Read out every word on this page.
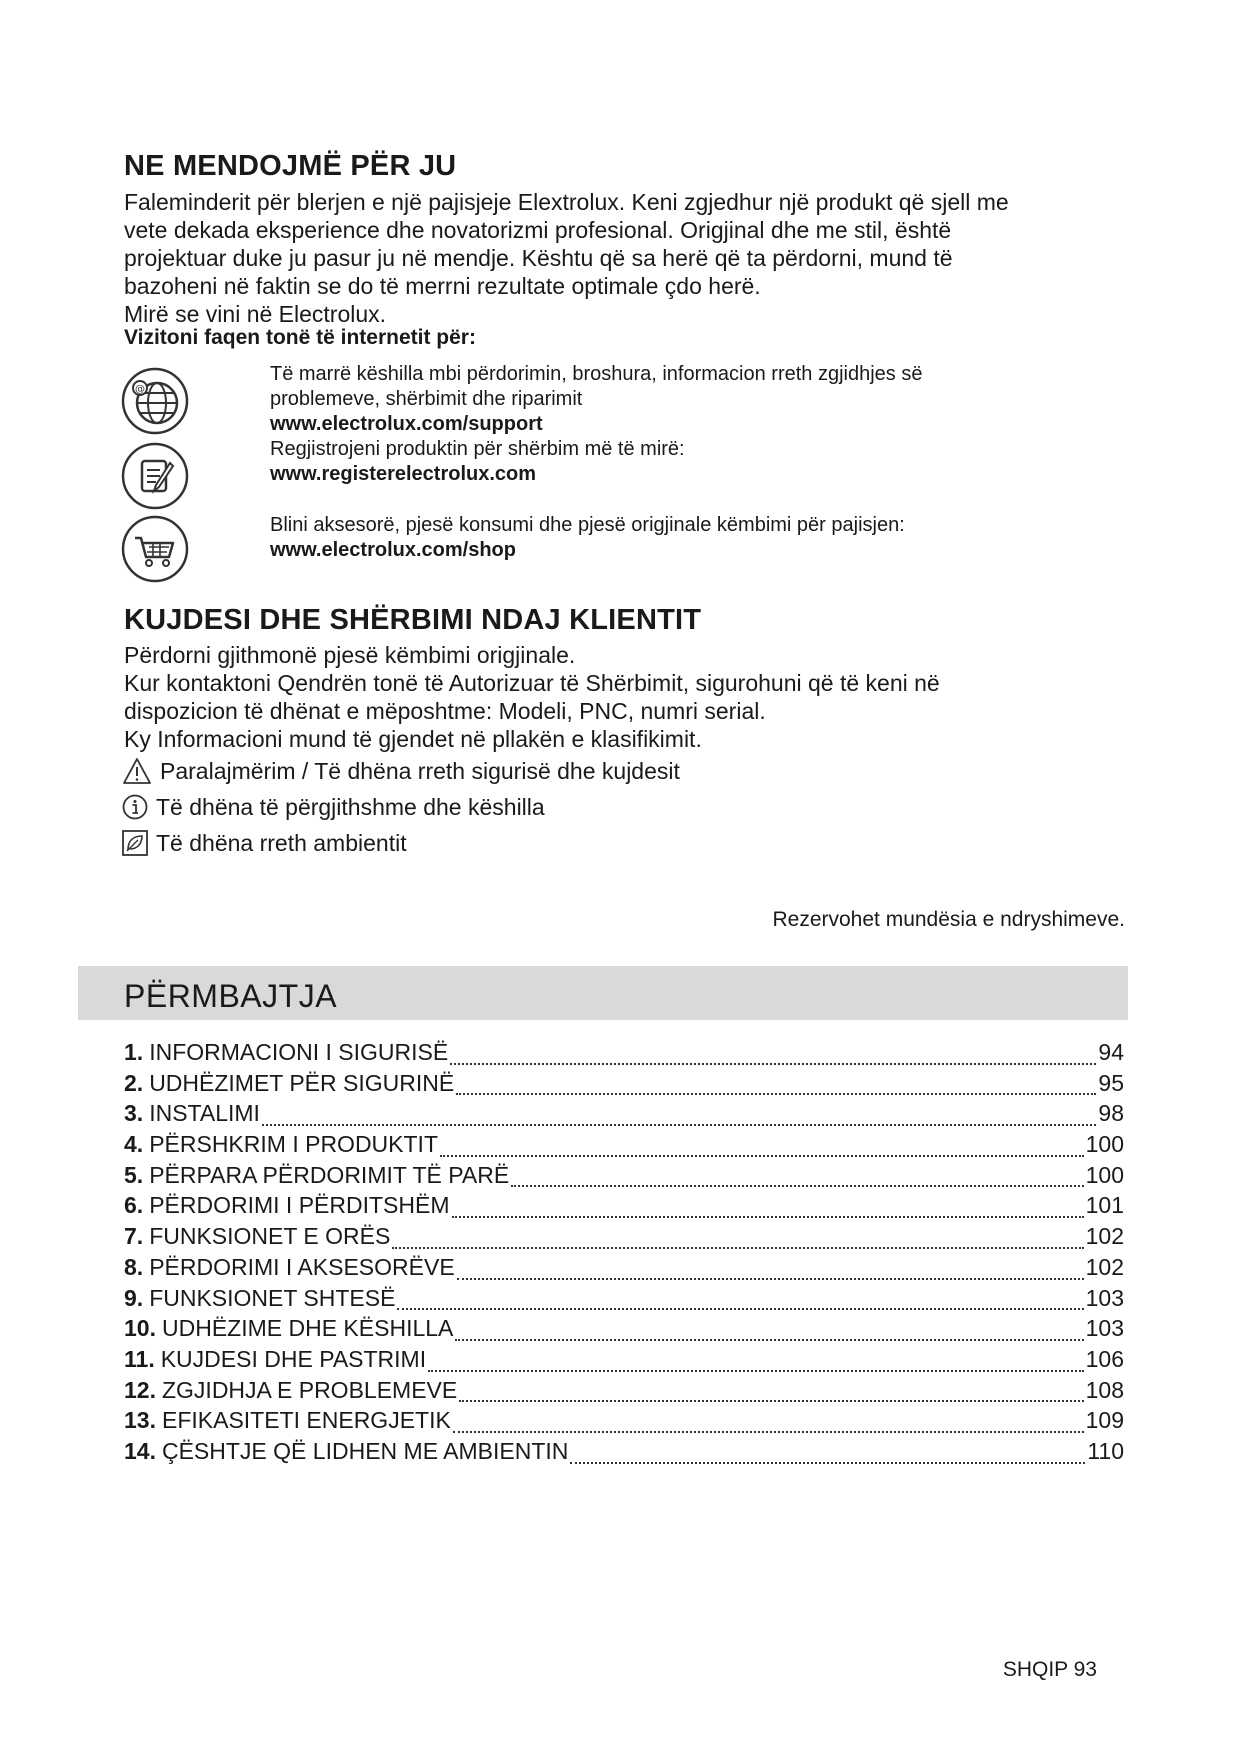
NE MENDOJMË PËR JU
Faleminderit për blerjen e një pajisjeje Elextrolux. Keni zgjedhur një produkt që sjell me
vete dekada eksperience dhe novatorizmi profesional. Origjinal dhe me stil, është
projektuar duke ju pasur ju në mendje. Kështu që sa herë që ta përdorni, mund të
bazoheni në faktin se do të merrni rezultate optimale çdo herë.
Mirë se vini në Electrolux.
Vizitoni faqen tonë të internetit për:
@
Të marrë këshilla mbi përdorimin, broshura, informacion rreth zgjidhjes së
problemeve, shërbimit dhe riparimit
www.electrolux.com/support
Regjistrojeni produktin për shërbim më të mirë:
www.registerelectrolux.com
Blini aksesorë, pjesë konsumi dhe pjesë origjinale këmbimi për pajisjen:
www.electrolux.com/shop
KUJDESI DHE SHËRBIMI NDAJ KLIENTIT
Përdorni gjithmonë pjesë këmbimi origjinale.
Kur kontaktoni Qendrën tonë të Autorizuar të Shërbimit, sigurohuni që të keni në
dispozicion të dhënat e mëposhtme: Modeli, PNC, numri serial.
Ky Informacioni mund të gjendet në pllakën e klasifikimit.
Paralajmërim / Të dhëna rreth sigurisë dhe kujdesit
Të dhëna të përgjithshme dhe këshilla
Të dhëna rreth ambientit
Rezervohet mundësia e ndryshimeve.
PËRMBAJTJA
1. INFORMACIONI I SIGURISË	94
2. UDHËZIMET PËR SIGURINË	95
3. INSTALIMI	98
4. PËRSHKRIM I PRODUKTIT	100
5. PËRPARA PËRDORIMIT TË PARË	100
6. PËRDORIMI I PËRDITSHËM	101
7. FUNKSIONET E ORËS	102
8. PËRDORIMI I AKSESORËVE	102
9. FUNKSIONET SHTESË	103
10. UDHËZIME DHE KËSHILLA	103
11. KUJDESI DHE PASTRIMI	106
12. ZGJIDHJA E PROBLEMEVE	108
13. EFIKASITETI ENERGJETIK	109
14. ÇËSHTJE QË LIDHEN ME AMBIENTIN	110
SHQIP 93
